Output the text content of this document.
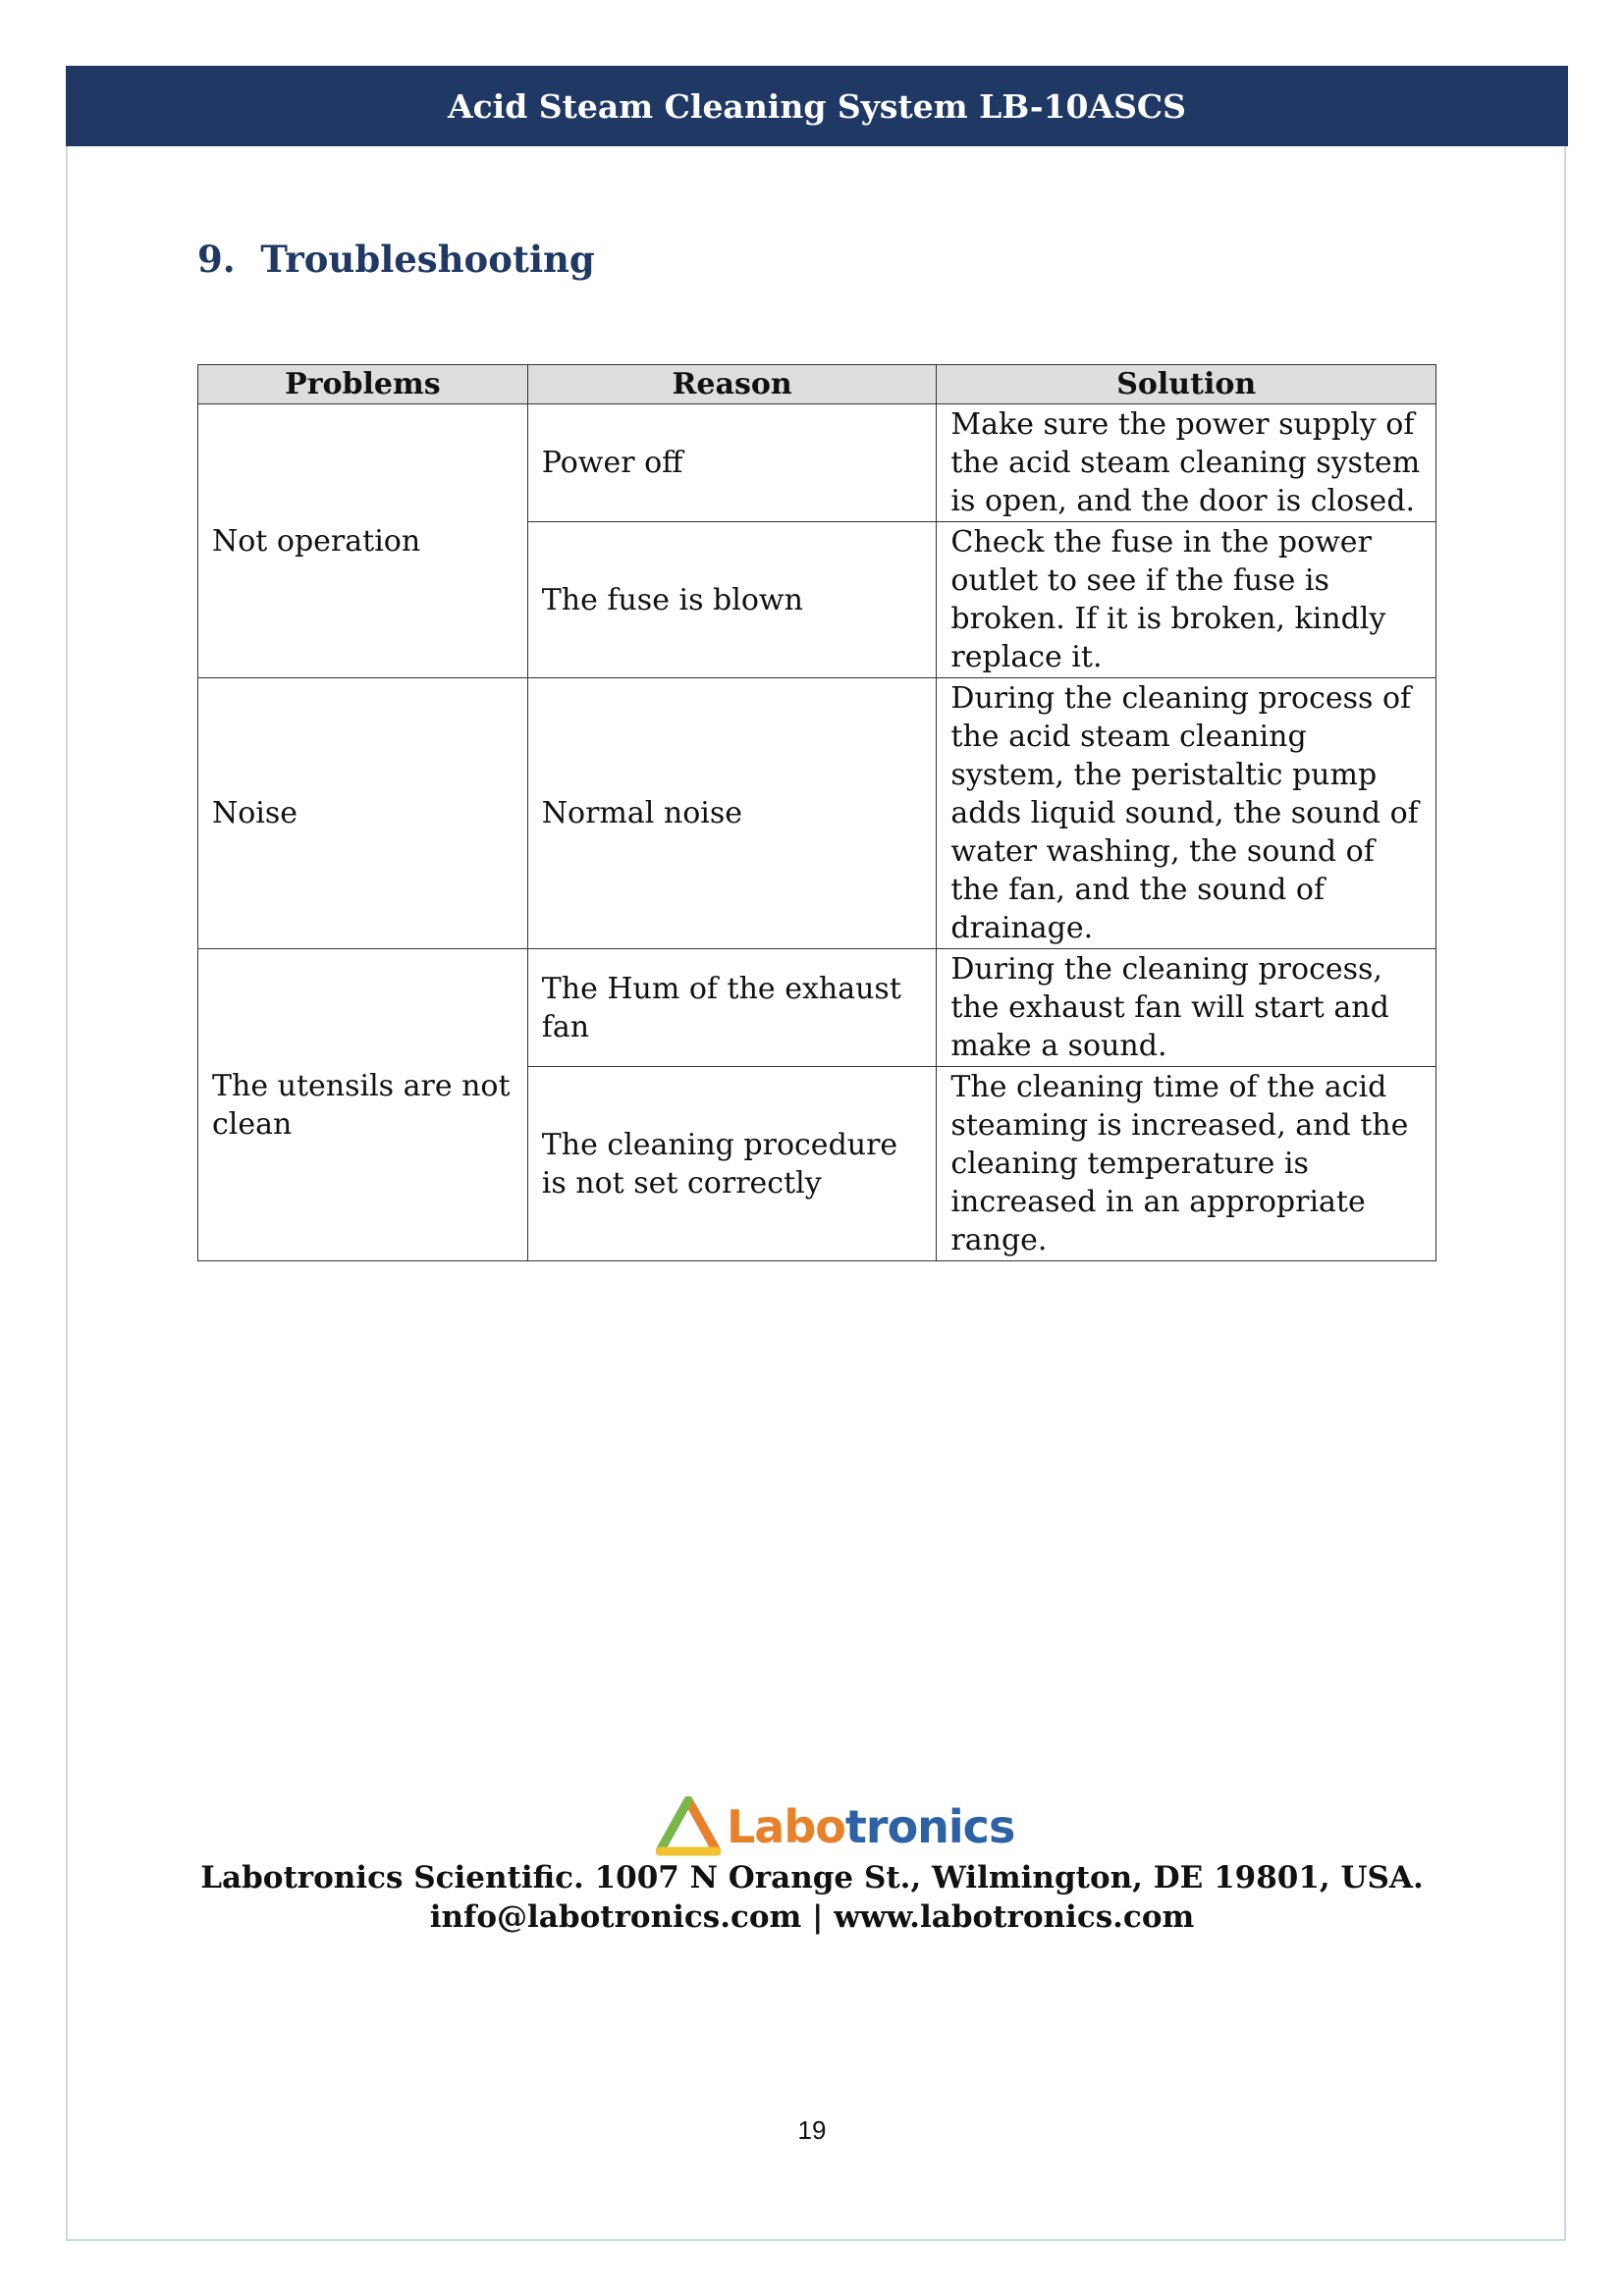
Acid Steam Cleaning System LB-10ASCS
9. Troubleshooting
Problems	Reason	Solution
Not operation	Power off	Make sure the power supply of the acid steam cleaning system is open, and the door is closed.
	The fuse is blown	Check the fuse in the power outlet to see if the fuse is broken. If it is broken, kindly replace it.
Noise	Normal noise	During the cleaning process of the acid steam cleaning system, the peristaltic pump adds liquid sound, the sound of water washing, the sound of the fan, and the sound of drainage.
The utensils are not clean	The Hum of the exhaust fan	During the cleaning process, the exhaust fan will start and make a sound.
	The cleaning procedure is not set correctly	The cleaning time of the acid steaming is increased, and the cleaning temperature is increased in an appropriate range.
Labotronics
Labotronics Scientific. 1007 N Orange St., Wilmington, DE 19801, USA.
info@labotronics.com | www.labotronics.com
19
